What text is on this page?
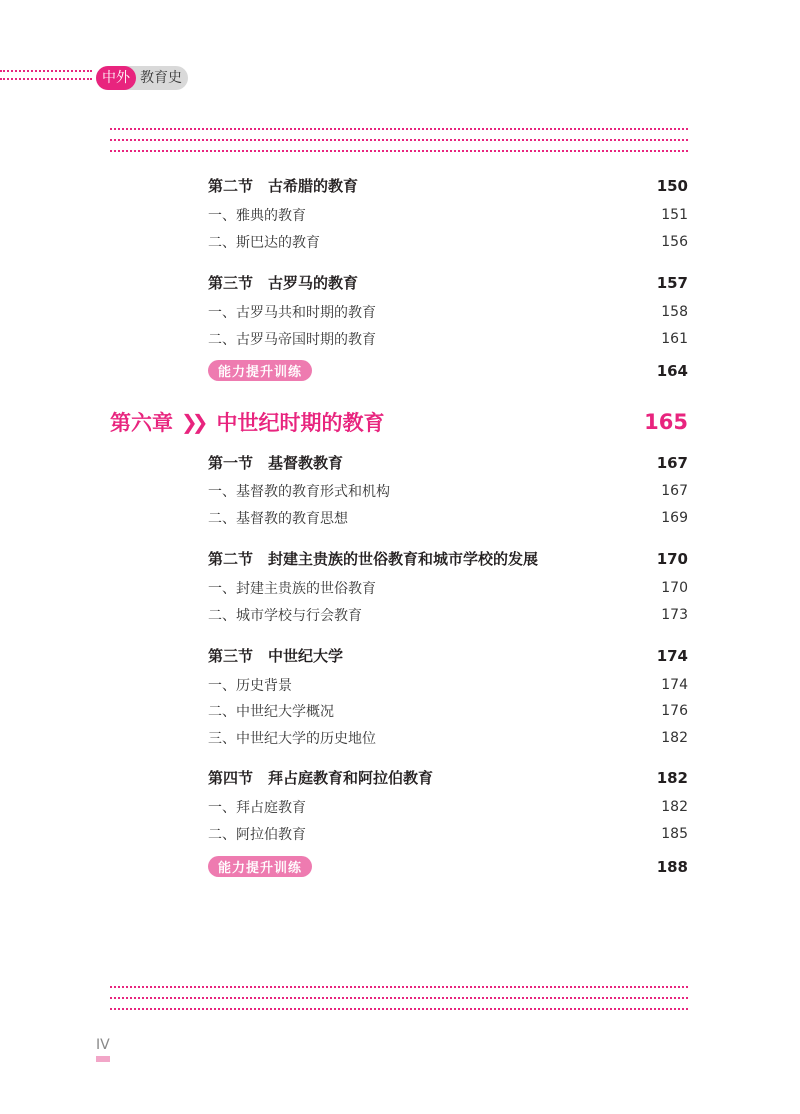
中外 教育史
第二节　古希腊的教育	150
一、雅典的教育	151
二、斯巴达的教育	156
第三节　古罗马的教育	157
一、古罗马共和时期的教育	158
二、古罗马帝国时期的教育	161
能力提升训练	164
第六章 ❯❯ 中世纪时期的教育	165
第一节　基督教教育	167
一、基督教的教育形式和机构	167
二、基督教的教育思想	169
第二节　封建主贵族的世俗教育和城市学校的发展	170
一、封建主贵族的世俗教育	170
二、城市学校与行会教育	173
第三节　中世纪大学	174
一、历史背景	174
二、中世纪大学概况	176
三、中世纪大学的历史地位	182
第四节　拜占庭教育和阿拉伯教育	182
一、拜占庭教育	182
二、阿拉伯教育	185
能力提升训练	188
IV
